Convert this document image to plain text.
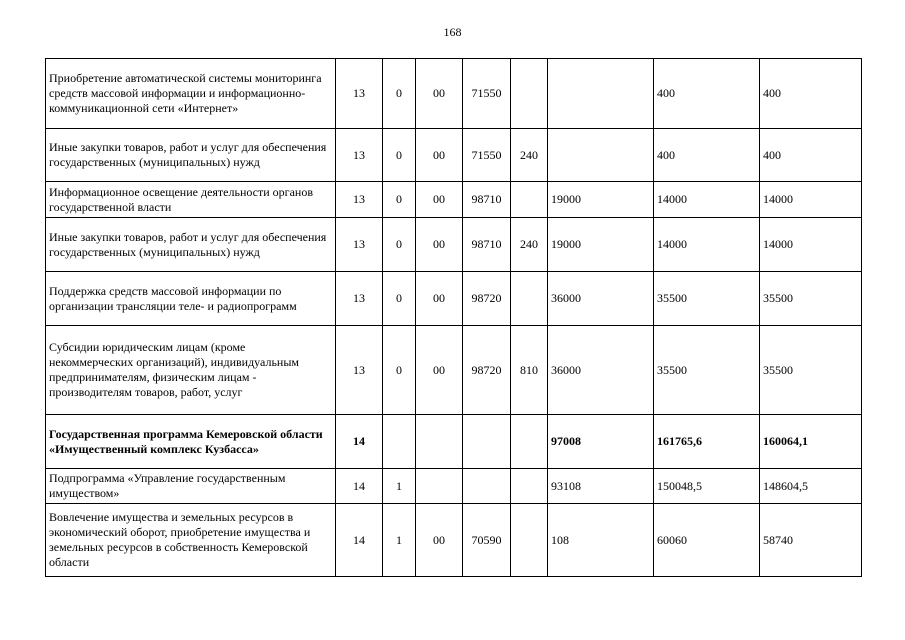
168
Приобретение автоматической системы мониторинга средств массовой информации и информационно-коммуникационной сети «Интернет»	13	0	00	71550			400	400
Иные закупки товаров, работ и услуг для обеспечения государственных (муниципальных) нужд	13	0	00	71550	240		400	400
Информационное освещение деятельности органов государственной власти	13	0	00	98710		19000	14000	14000
Иные закупки товаров, работ и услуг для обеспечения государственных (муниципальных) нужд	13	0	00	98710	240	19000	14000	14000
Поддержка средств массовой информации по организации трансляции теле- и радиопрограмм	13	0	00	98720		36000	35500	35500
Субсидии юридическим лицам (кроме некоммерческих организаций), индивидуальным предпринимателям, физическим лицам - производителям товаров, работ, услуг	13	0	00	98720	810	36000	35500	35500
Государственная программа Кемеровской области «Имущественный комплекс Кузбасса»	14					97008	161765,6	160064,1
Подпрограмма «Управление государственным имуществом»	14	1				93108	150048,5	148604,5
Вовлечение имущества и земельных ресурсов в экономический оборот, приобретение имущества и земельных ресурсов в собственность Кемеровской области	14	1	00	70590		108	60060	58740
